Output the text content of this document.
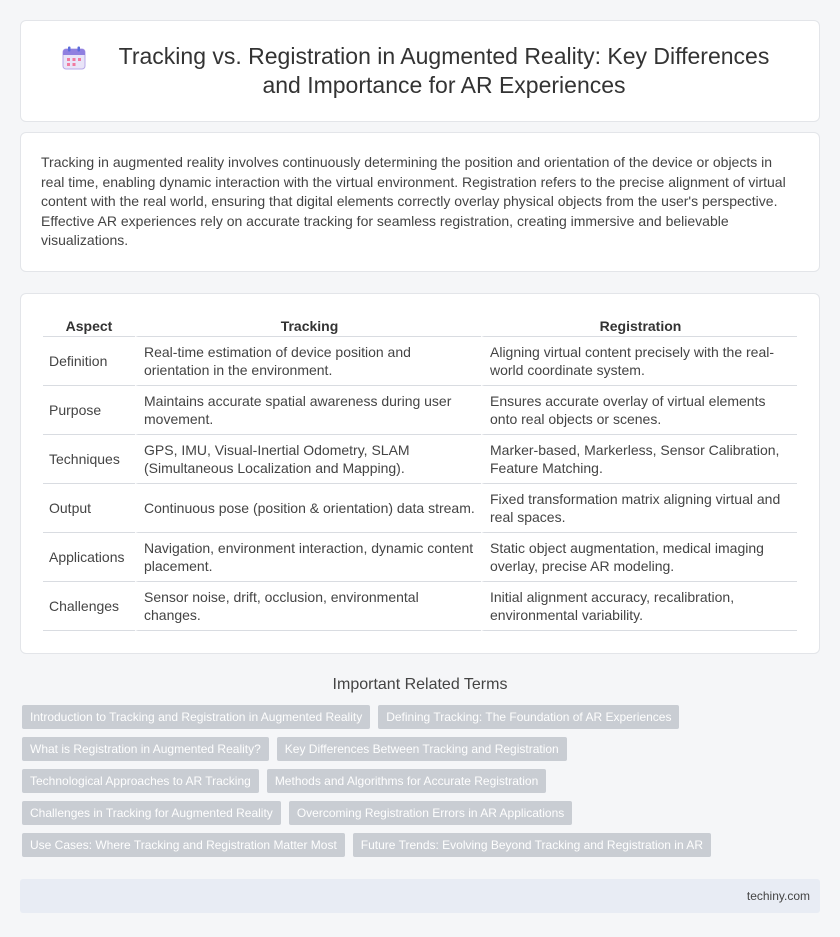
Tracking vs. Registration in Augmented Reality: Key Differences and Importance for AR Experiences

Tracking in augmented reality involves continuously determining the position and orientation of the device or objects in real time, enabling dynamic interaction with the virtual environment. Registration refers to the precise alignment of virtual content with the real world, ensuring that digital elements correctly overlay physical objects from the user's perspective. Effective AR experiences rely on accurate tracking for seamless registration, creating immersive and believable visualizations.

Aspect	Tracking	Registration
Definition	Real-time estimation of device position and orientation in the environment.	Aligning virtual content precisely with the real-world coordinate system.
Purpose	Maintains accurate spatial awareness during user movement.	Ensures accurate overlay of virtual elements onto real objects or scenes.
Techniques	GPS, IMU, Visual-Inertial Odometry, SLAM (Simultaneous Localization and Mapping).	Marker-based, Markerless, Sensor Calibration, Feature Matching.
Output	Continuous pose (position & orientation) data stream.	Fixed transformation matrix aligning virtual and real spaces.
Applications	Navigation, environment interaction, dynamic content placement.	Static object augmentation, medical imaging overlay, precise AR modeling.
Challenges	Sensor noise, drift, occlusion, environmental changes.	Initial alignment accuracy, recalibration, environmental variability.
Important Related Terms
Introduction to Tracking and Registration in Augmented Reality	Defining Tracking: The Foundation of AR Experiences
What is Registration in Augmented Reality?	Key Differences Between Tracking and Registration
Technological Approaches to AR Tracking	Methods and Algorithms for Accurate Registration
Challenges in Tracking for Augmented Reality	Overcoming Registration Errors in AR Applications
Use Cases: Where Tracking and Registration Matter Most	Future Trends: Evolving Beyond Tracking and Registration in AR
techiny.com
